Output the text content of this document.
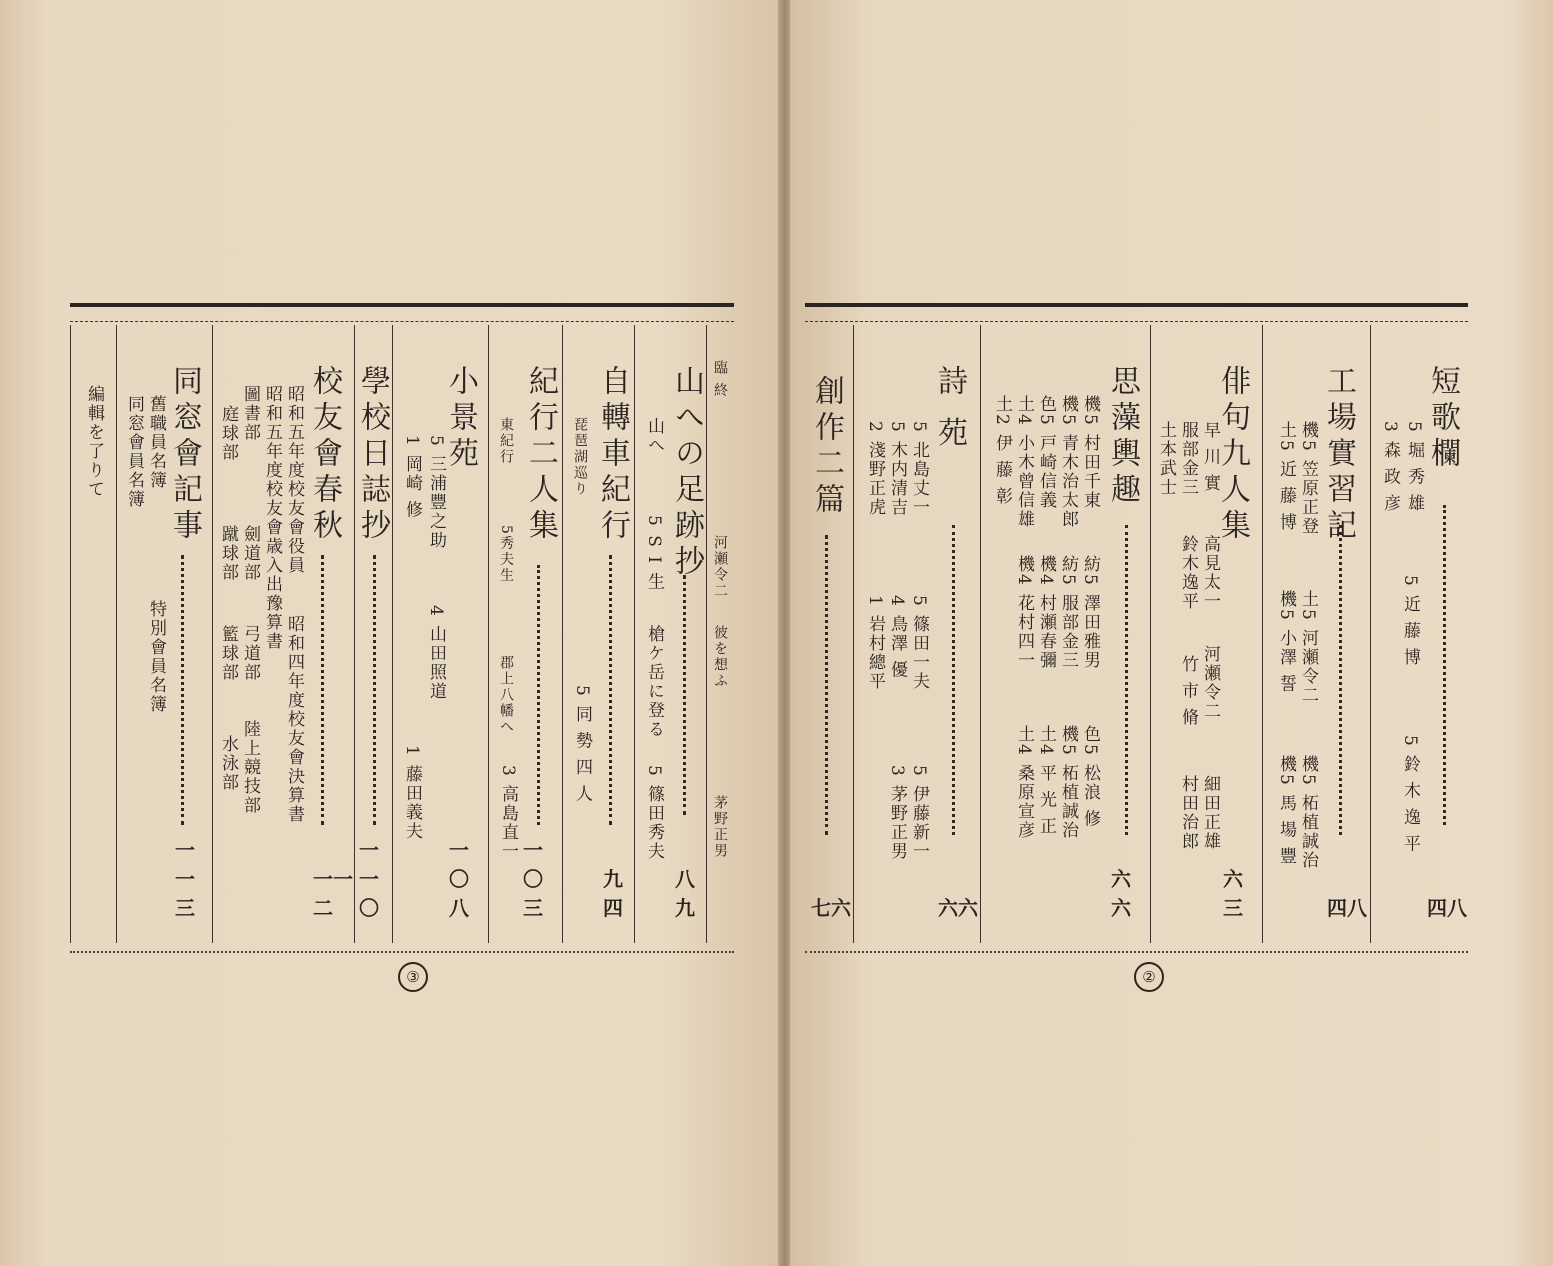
臨 終
河瀬令二
彼を想ふ
茅野正男
山への足跡抄
山へ
5 S I 生
槍ケ岳に登る
5 篠田秀夫
八九
自轉車紀行
琵琶湖巡り
5 同 勢 四 人
九四
紀行二人集
東紀行
5秀夫生
郡上八幡へ
3 高島直一 一〇三
小景苑
5 三浦豐之助
1 岡崎 修
4 山田照道
1 藤田義夫
一〇八
學校日誌抄
一一〇
校友會春秋
昭和五年度校友會役員
昭和五年度校友會歳入出豫算書
昭和四年度校友會決算書
圖書部
劍道部
弓道部
陸上競技部
庭球部
蹴球部
籃球部
水泳部
一一二
同窓會記事
舊職員名簿
同窓會員名簿
特別會員名簿
一一三
編輯を了りて
③
短歌欄
5 堀 秀 雄
3 森 政 彦
5 近 藤 博
5 鈴 木 逸 平
四八
工場實習記
機5 笠原正登
土5 近 藤 博
土5 河瀬令二
機5 小澤 誓
機5 柘植誠治
機5 馬 場 豐
四八
俳句九人集
早 川 實
服部金三
土本武士
高見太一
鈴木逸平
河瀬令二
竹 市 脩
細田正雄
村田治郎
六三
思藻輿趣
機5 村田千東
機5 青木治太郎
色5 戸崎信義
土4 小木曾信雄
土2 伊 藤 彰
紡5 澤田雅男
紡5 服部金三
機4 村瀬春彌
機4 花村四一
色5 松浪 修
機5 柘植誠治
土4 平 光 正
土4 桑原宣彦
六六
詩 苑
5 北島丈一
5 木内清吉
2 淺野正虎
5 篠田一夫
4 鳥澤 優
1 岩村總平
5 伊藤新一
3 茅野正男
六六
創作二篇
七六
②
